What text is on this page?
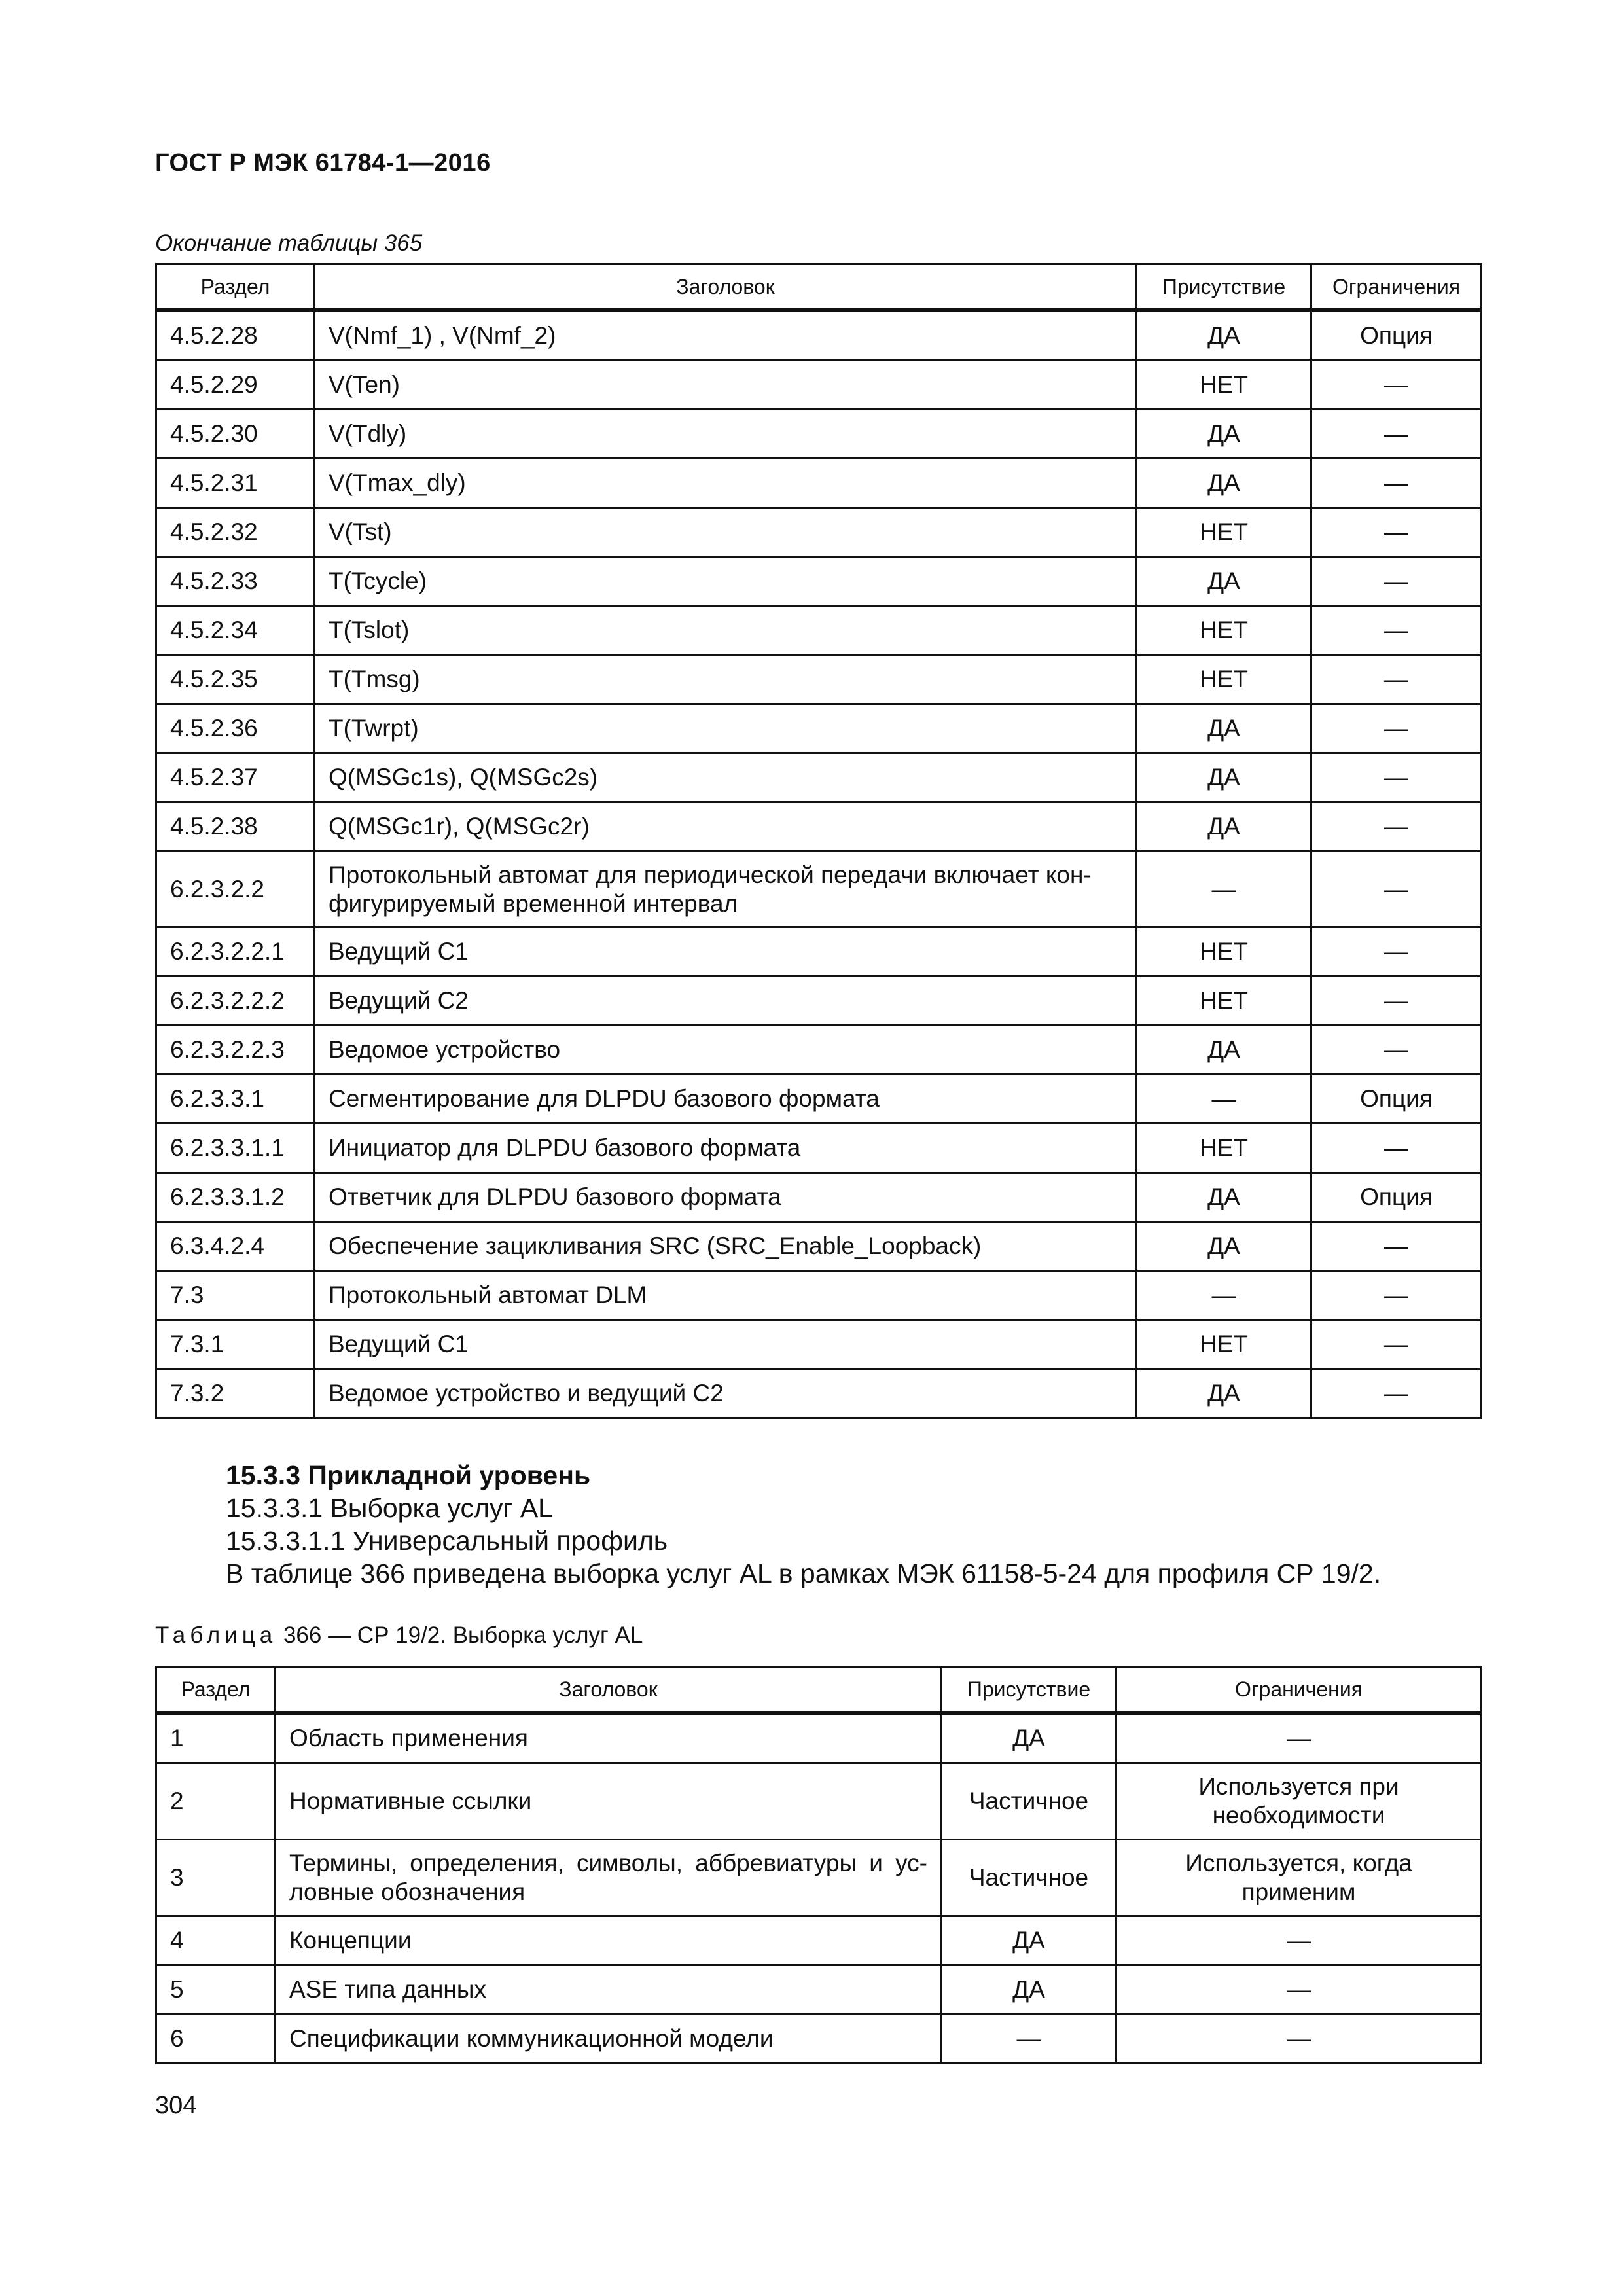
ГОСТ Р МЭК 61784-1—2016
Окончание таблицы 365
Раздел	Заголовок	Присутствие	Ограничения
4.5.2.28	V(Nmf_1) , V(Nmf_2)	ДА	Опция
4.5.2.29	V(Ten)	НЕТ	—
4.5.2.30	V(Tdly)	ДА	—
4.5.2.31	V(Tmax_dly)	ДА	—
4.5.2.32	V(Tst)	НЕТ	—
4.5.2.33	T(Tcycle)	ДА	—
4.5.2.34	T(Tslot)	НЕТ	—
4.5.2.35	T(Tmsg)	НЕТ	—
4.5.2.36	T(Twrpt)	ДА	—
4.5.2.37	Q(MSGc1s), Q(MSGc2s)	ДА	—
4.5.2.38	Q(MSGc1r), Q(MSGc2r)	ДА	—
6.2.3.2.2	Протокольный автомат для периодической передачи включает кон-фигурируемый временной интервал	—	—
6.2.3.2.2.1	Ведущий С1	НЕТ	—
6.2.3.2.2.2	Ведущий С2	НЕТ	—
6.2.3.2.2.3	Ведомое устройство	ДА	—
6.2.3.3.1	Сегментирование для DLPDU базового формата	—	Опция
6.2.3.3.1.1	Инициатор для DLPDU базового формата	НЕТ	—
6.2.3.3.1.2	Ответчик для DLPDU базового формата	ДА	Опция
6.3.4.2.4	Обеспечение зацикливания SRC (SRC_Enable_Loopback)	ДА	—
7.3	Протокольный автомат DLM	—	—
7.3.1	Ведущий С1	НЕТ	—
7.3.2	Ведомое устройство и ведущий С2	ДА	—
15.3.3 Прикладной уровень
15.3.3.1 Выборка услуг AL
15.3.3.1.1 Универсальный профиль
В таблице 366 приведена выборка услуг AL в рамках МЭК 61158-5-24 для профиля СР 19/2.
Таблица 366 — СР 19/2. Выборка услуг AL
Раздел	Заголовок	Присутствие	Ограничения
1	Область применения	ДА	—
2	Нормативные ссылки	Частичное	Используется при необходимости
3	Термины, определения, символы, аббревиатуры и ус-ловные обозначения	Частичное	Используется, когда применим
4	Концепции	ДА	—
5	ASE типа данных	ДА	—
6	Спецификации коммуникационной модели	—	—
304
